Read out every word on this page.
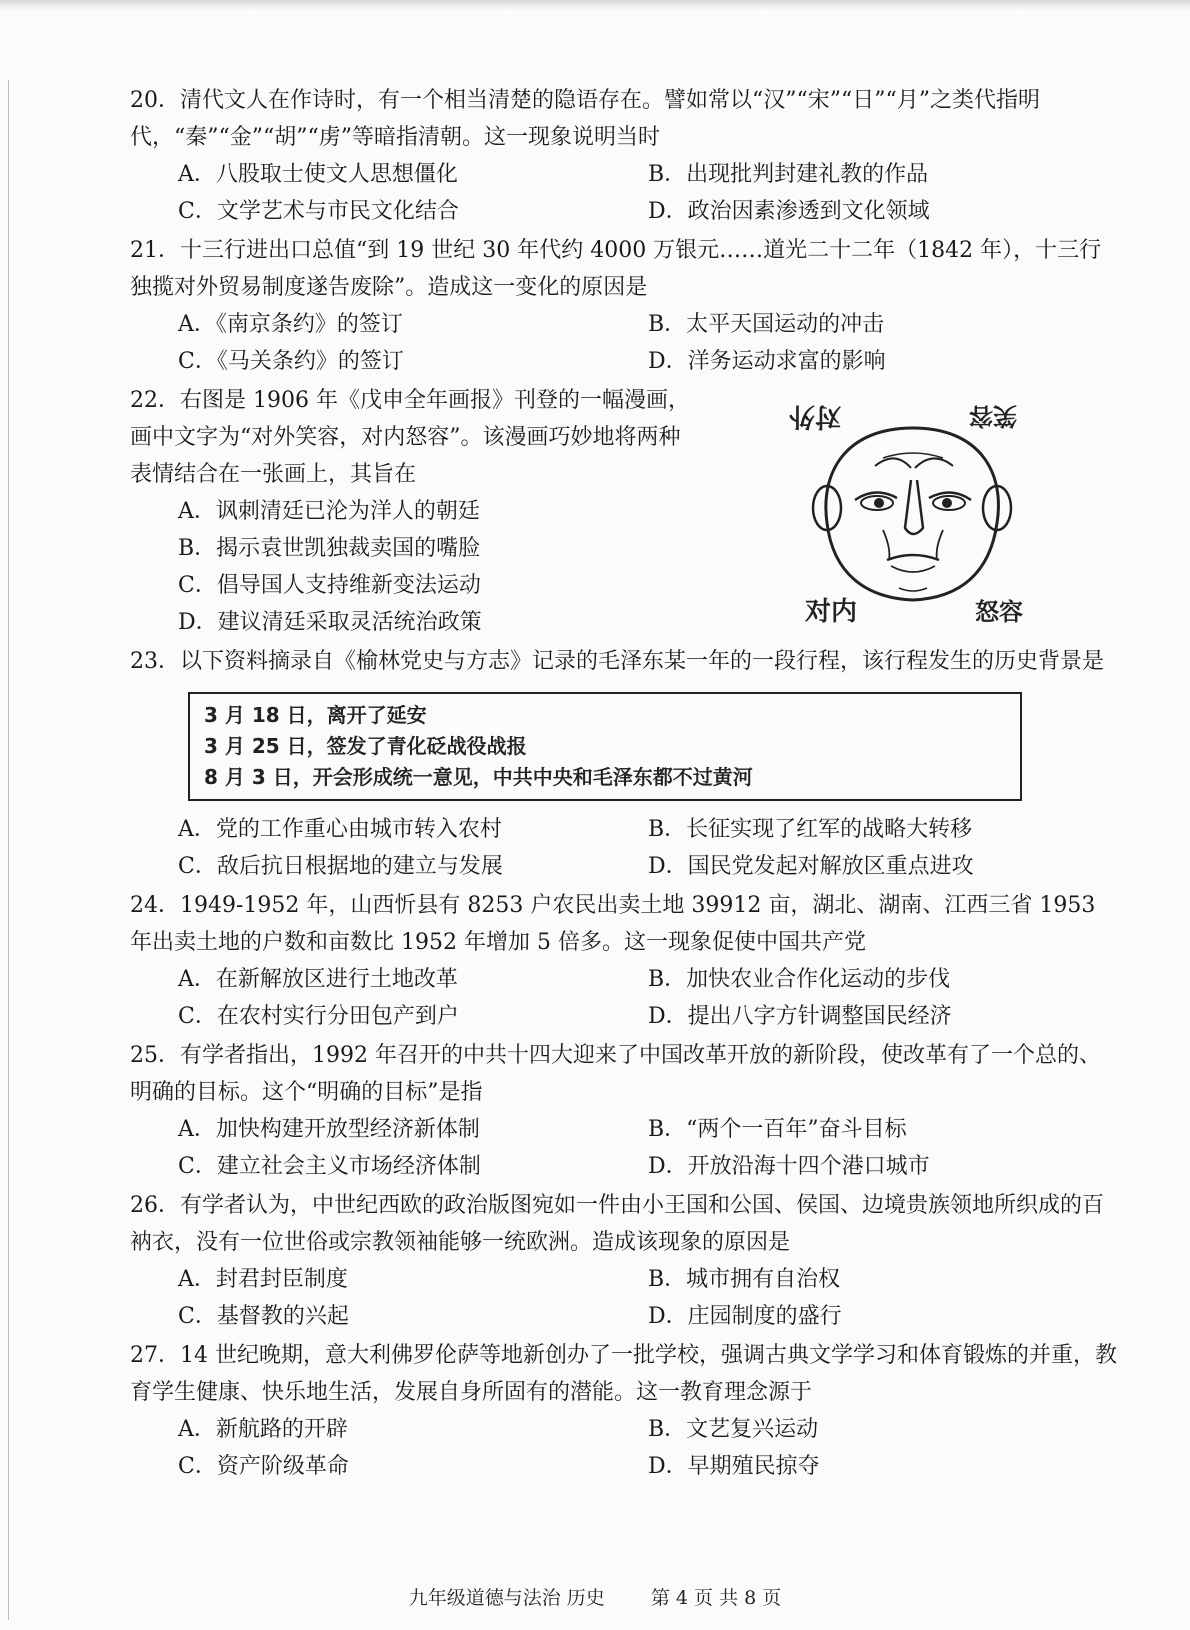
20．清代文人在作诗时，有一个相当清楚的隐语存在。譬如常以“汉”“宋”“日”“月”之类代指明代，“秦”“金”“胡”“虏”等暗指清朝。这一现象说明当时
A．八股取士使文人思想僵化	B．出现批判封建礼教的作品
C．文学艺术与市民文化结合	D．政治因素渗透到文化领域
21．十三行进出口总值“到 19 世纪 30 年代约 4000 万银元……道光二十二年（1842 年），十三行独揽对外贸易制度遂告废除”。造成这一变化的原因是
A．《南京条约》的签订	B．太平天国运动的冲击
C．《马关条约》的签订	D．洋务运动求富的影响
22．右图是 1906 年《戊申全年画报》刊登的一幅漫画，画中文字为“对外笑容，对内怒容”。该漫画巧妙地将两种表情结合在一张画上，其旨在
A．讽刺清廷已沦为洋人的朝廷
B．揭示袁世凯独裁卖国的嘴脸
C．倡导国人支持维新变法运动
D．建议清廷采取灵活统治政策
23．以下资料摘录自《榆林党史与方志》记录的毛泽东某一年的一段行程，该行程发生的历史背景是
3 月 18 日，离开了延安
3 月 25 日，签发了青化砭战役战报
8 月 3 日，开会形成统一意见，中共中央和毛泽东都不过黄河
A．党的工作重心由城市转入农村	B．长征实现了红军的战略大转移
C．敌后抗日根据地的建立与发展	D．国民党发起对解放区重点进攻
24．1949-1952 年，山西忻县有 8253 户农民出卖土地 39912 亩，湖北、湖南、江西三省 1953 年出卖土地的户数和亩数比 1952 年增加 5 倍多。这一现象促使中国共产党
A．在新解放区进行土地改革	B．加快农业合作化运动的步伐
C．在农村实行分田包产到户	D．提出八字方针调整国民经济
25．有学者指出，1992 年召开的中共十四大迎来了中国改革开放的新阶段，使改革有了一个总的、明确的目标。这个“明确的目标”是指
A．加快构建开放型经济新体制	B．“两个一百年”奋斗目标
C．建立社会主义市场经济体制	D．开放沿海十四个港口城市
26．有学者认为，中世纪西欧的政治版图宛如一件由小王国和公国、侯国、边境贵族领地所织成的百衲衣，没有一位世俗或宗教领袖能够一统欧洲。造成该现象的原因是
A．封君封臣制度	B．城市拥有自治权
C．基督教的兴起	D．庄园制度的盛行
27．14 世纪晚期，意大利佛罗伦萨等地新创办了一批学校，强调古典文学学习和体育锻炼的并重，教育学生健康、快乐地生活，发展自身所固有的潜能。这一教育理念源于
A．新航路的开辟	B．文艺复兴运动
C．资产阶级革命	D．早期殖民掠夺
对外	笑容
对内	怒容
九年级道德与法治 历史 第 4 页 共 8 页
